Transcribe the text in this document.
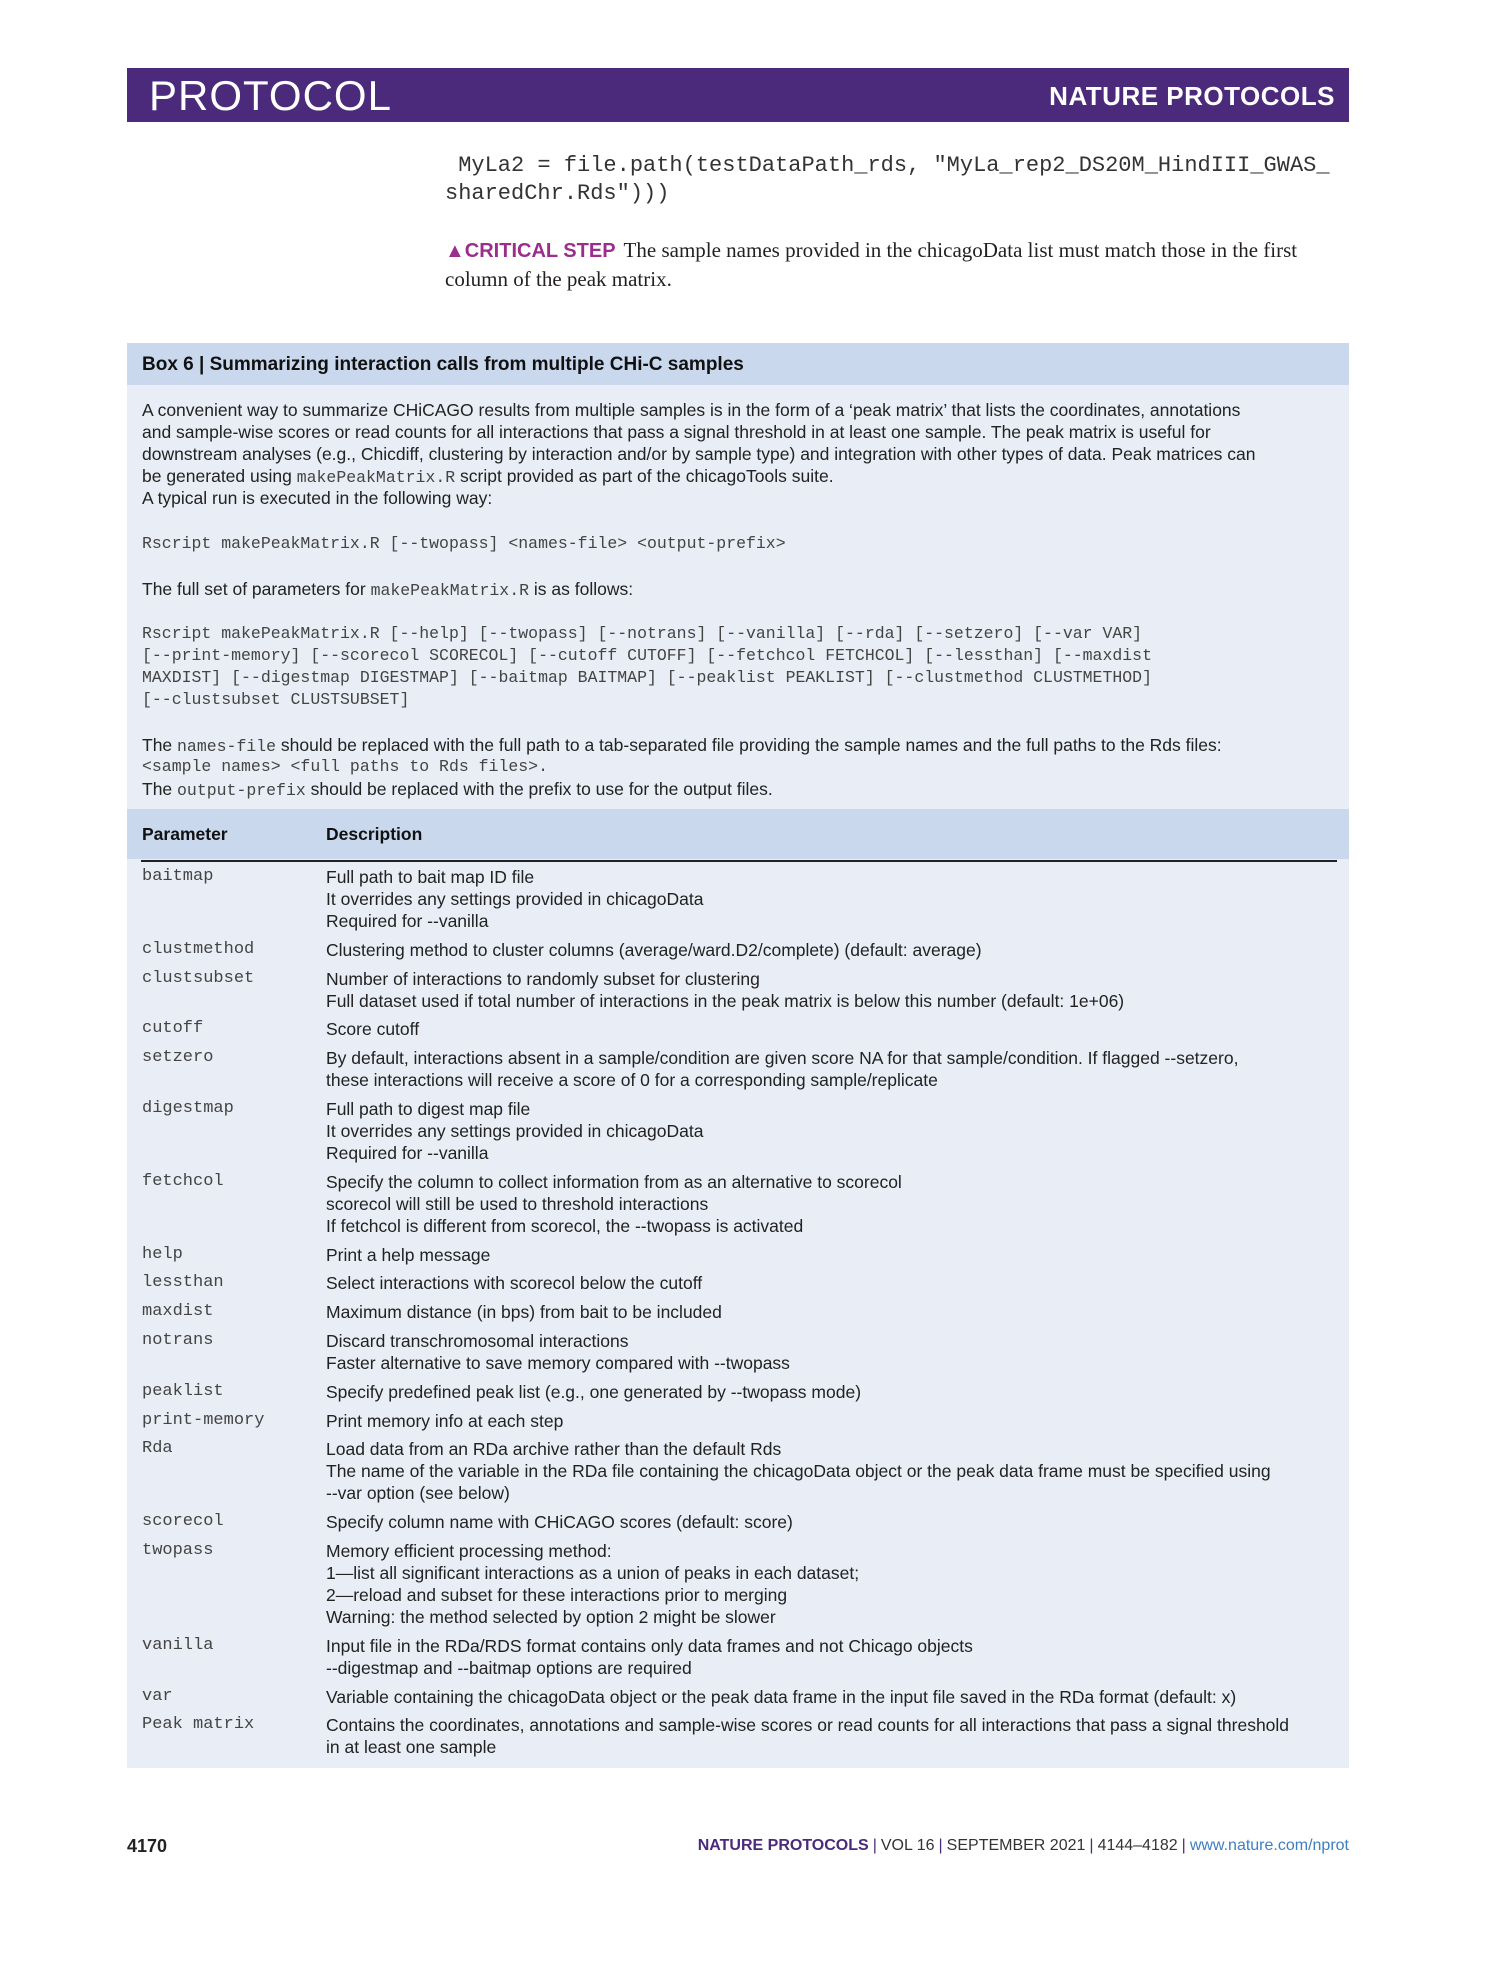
PROTOCOL	NATURE PROTOCOLS
MyLa2 = file.path(testDataPath_rds, "MyLa_rep2_DS20M_HindIII_GWAS_
sharedChr.Rds")))
▲CRITICAL STEP The sample names provided in the chicagoData list must match those in the first column of the peak matrix.
Box 6 | Summarizing interaction calls from multiple CHi-C samples
A convenient way to summarize CHiCAGO results from multiple samples is in the form of a ‘peak matrix’ that lists the coordinates, annotations
and sample-wise scores or read counts for all interactions that pass a signal threshold in at least one sample. The peak matrix is useful for
downstream analyses (e.g., Chicdiff, clustering by interaction and/or by sample type) and integration with other types of data. Peak matrices can
be generated using makePeakMatrix.R script provided as part of the chicagoTools suite.
A typical run is executed in the following way:
Rscript makePeakMatrix.R [--twopass] <names-file> <output-prefix>
The full set of parameters for makePeakMatrix.R is as follows:
Rscript makePeakMatrix.R [--help] [--twopass] [--notrans] [--vanilla] [--rda] [--setzero] [--var VAR]
[--print-memory] [--scorecol SCORECOL] [--cutoff CUTOFF] [--fetchcol FETCHCOL] [--lessthan] [--maxdist
MAXDIST] [--digestmap DIGESTMAP] [--baitmap BAITMAP] [--peaklist PEAKLIST] [--clustmethod CLUSTMETHOD]
[--clustsubset CLUSTSUBSET]
The names-file should be replaced with the full path to a tab-separated file providing the sample names and the full paths to the Rds files:
<sample names> <full paths to Rds files>.
The output-prefix should be replaced with the prefix to use for the output files.
Parameter	Description
baitmap	Full path to bait map ID file
It overrides any settings provided in chicagoData
Required for --vanilla
clustmethod	Clustering method to cluster columns (average/ward.D2/complete) (default: average)
clustsubset	Number of interactions to randomly subset for clustering
Full dataset used if total number of interactions in the peak matrix is below this number (default: 1e+06)
cutoff	Score cutoff
setzero	By default, interactions absent in a sample/condition are given score NA for that sample/condition. If flagged --setzero,
these interactions will receive a score of 0 for a corresponding sample/replicate
digestmap	Full path to digest map file
It overrides any settings provided in chicagoData
Required for --vanilla
fetchcol	Specify the column to collect information from as an alternative to scorecol
scorecol will still be used to threshold interactions
If fetchcol is different from scorecol, the --twopass is activated
help	Print a help message
lessthan	Select interactions with scorecol below the cutoff
maxdist	Maximum distance (in bps) from bait to be included
notrans	Discard transchromosomal interactions
Faster alternative to save memory compared with --twopass
peaklist	Specify predefined peak list (e.g., one generated by --twopass mode)
print-memory	Print memory info at each step
Rda	Load data from an RDa archive rather than the default Rds
The name of the variable in the RDa file containing the chicagoData object or the peak data frame must be specified using
--var option (see below)
scorecol	Specify column name with CHiCAGO scores (default: score)
twopass	Memory efficient processing method:
1—list all significant interactions as a union of peaks in each dataset;
2—reload and subset for these interactions prior to merging
Warning: the method selected by option 2 might be slower
vanilla	Input file in the RDa/RDS format contains only data frames and not Chicago objects
--digestmap and --baitmap options are required
var	Variable containing the chicagoData object or the peak data frame in the input file saved in the RDa format (default: x)
Peak matrix	Contains the coordinates, annotations and sample-wise scores or read counts for all interactions that pass a signal threshold
in at least one sample
4170	NATURE PROTOCOLS | VOL 16 | SEPTEMBER 2021 | 4144–4182 | www.nature.com/nprot
